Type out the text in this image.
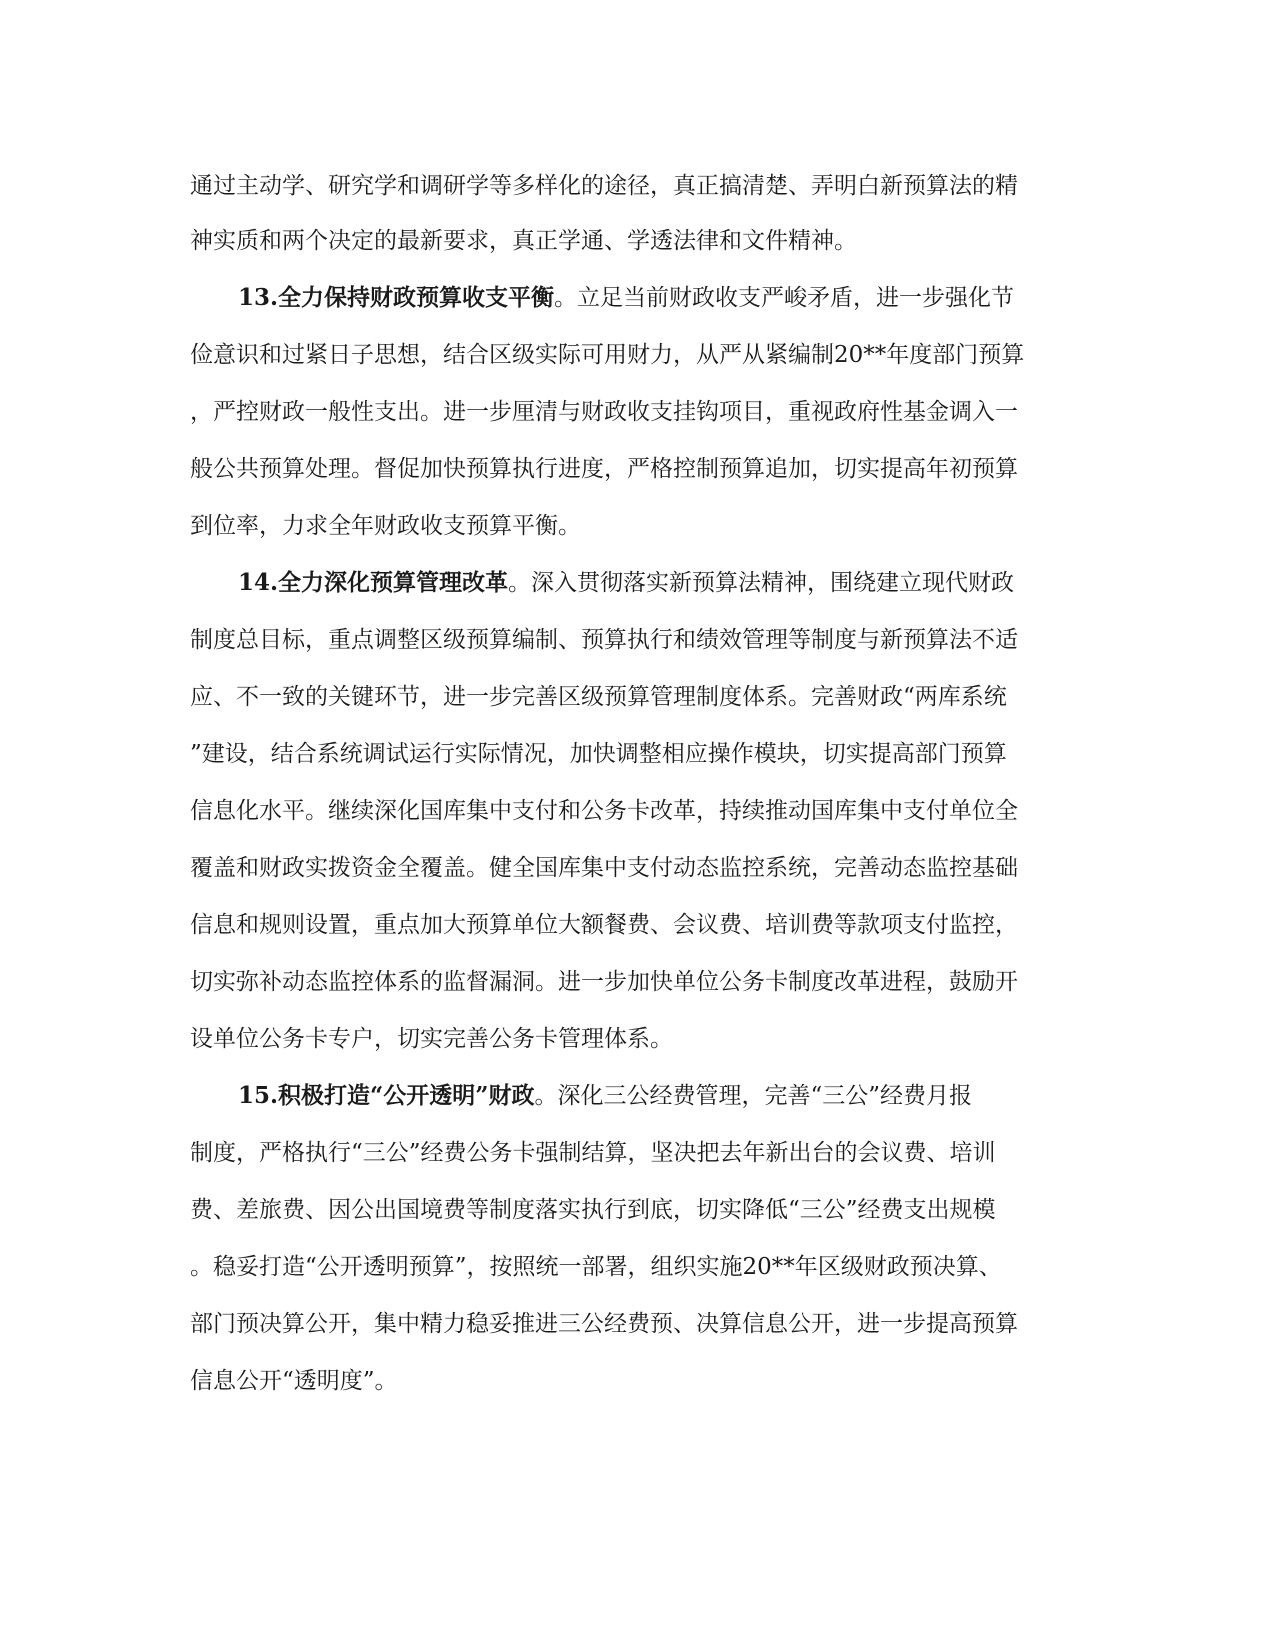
通过主动学、研究学和调研学等多样化的途径，真正搞清楚、弄明白新预算法的精
神实质和两个决定的最新要求，真正学通、学透法律和文件精神。
13.全力保持财政预算收支平衡。立足当前财政收支严峻矛盾，进一步强化节
俭意识和过紧日子思想，结合区级实际可用财力，从严从紧编制20**年度部门预算
，严控财政一般性支出。进一步厘清与财政收支挂钩项目，重视政府性基金调入一
般公共预算处理。督促加快预算执行进度，严格控制预算追加，切实提高年初预算
到位率，力求全年财政收支预算平衡。
14.全力深化预算管理改革。深入贯彻落实新预算法精神，围绕建立现代财政
制度总目标，重点调整区级预算编制、预算执行和绩效管理等制度与新预算法不适
应、不一致的关键环节，进一步完善区级预算管理制度体系。完善财政“两库系统
”建设，结合系统调试运行实际情况，加快调整相应操作模块，切实提高部门预算
信息化水平。继续深化国库集中支付和公务卡改革，持续推动国库集中支付单位全
覆盖和财政实拨资金全覆盖。健全国库集中支付动态监控系统，完善动态监控基础
信息和规则设置，重点加大预算单位大额餐费、会议费、培训费等款项支付监控，
切实弥补动态监控体系的监督漏洞。进一步加快单位公务卡制度改革进程，鼓励开
设单位公务卡专户，切实完善公务卡管理体系。
15.积极打造“公开透明”财政。深化三公经费管理，完善“三公”经费月报
制度，严格执行“三公”经费公务卡强制结算，坚决把去年新出台的会议费、培训
费、差旅费、因公出国境费等制度落实执行到底，切实降低“三公”经费支出规模
。稳妥打造“公开透明预算”，按照统一部署，组织实施20**年区级财政预决算、
部门预决算公开，集中精力稳妥推进三公经费预、决算信息公开，进一步提高预算
信息公开“透明度”。
